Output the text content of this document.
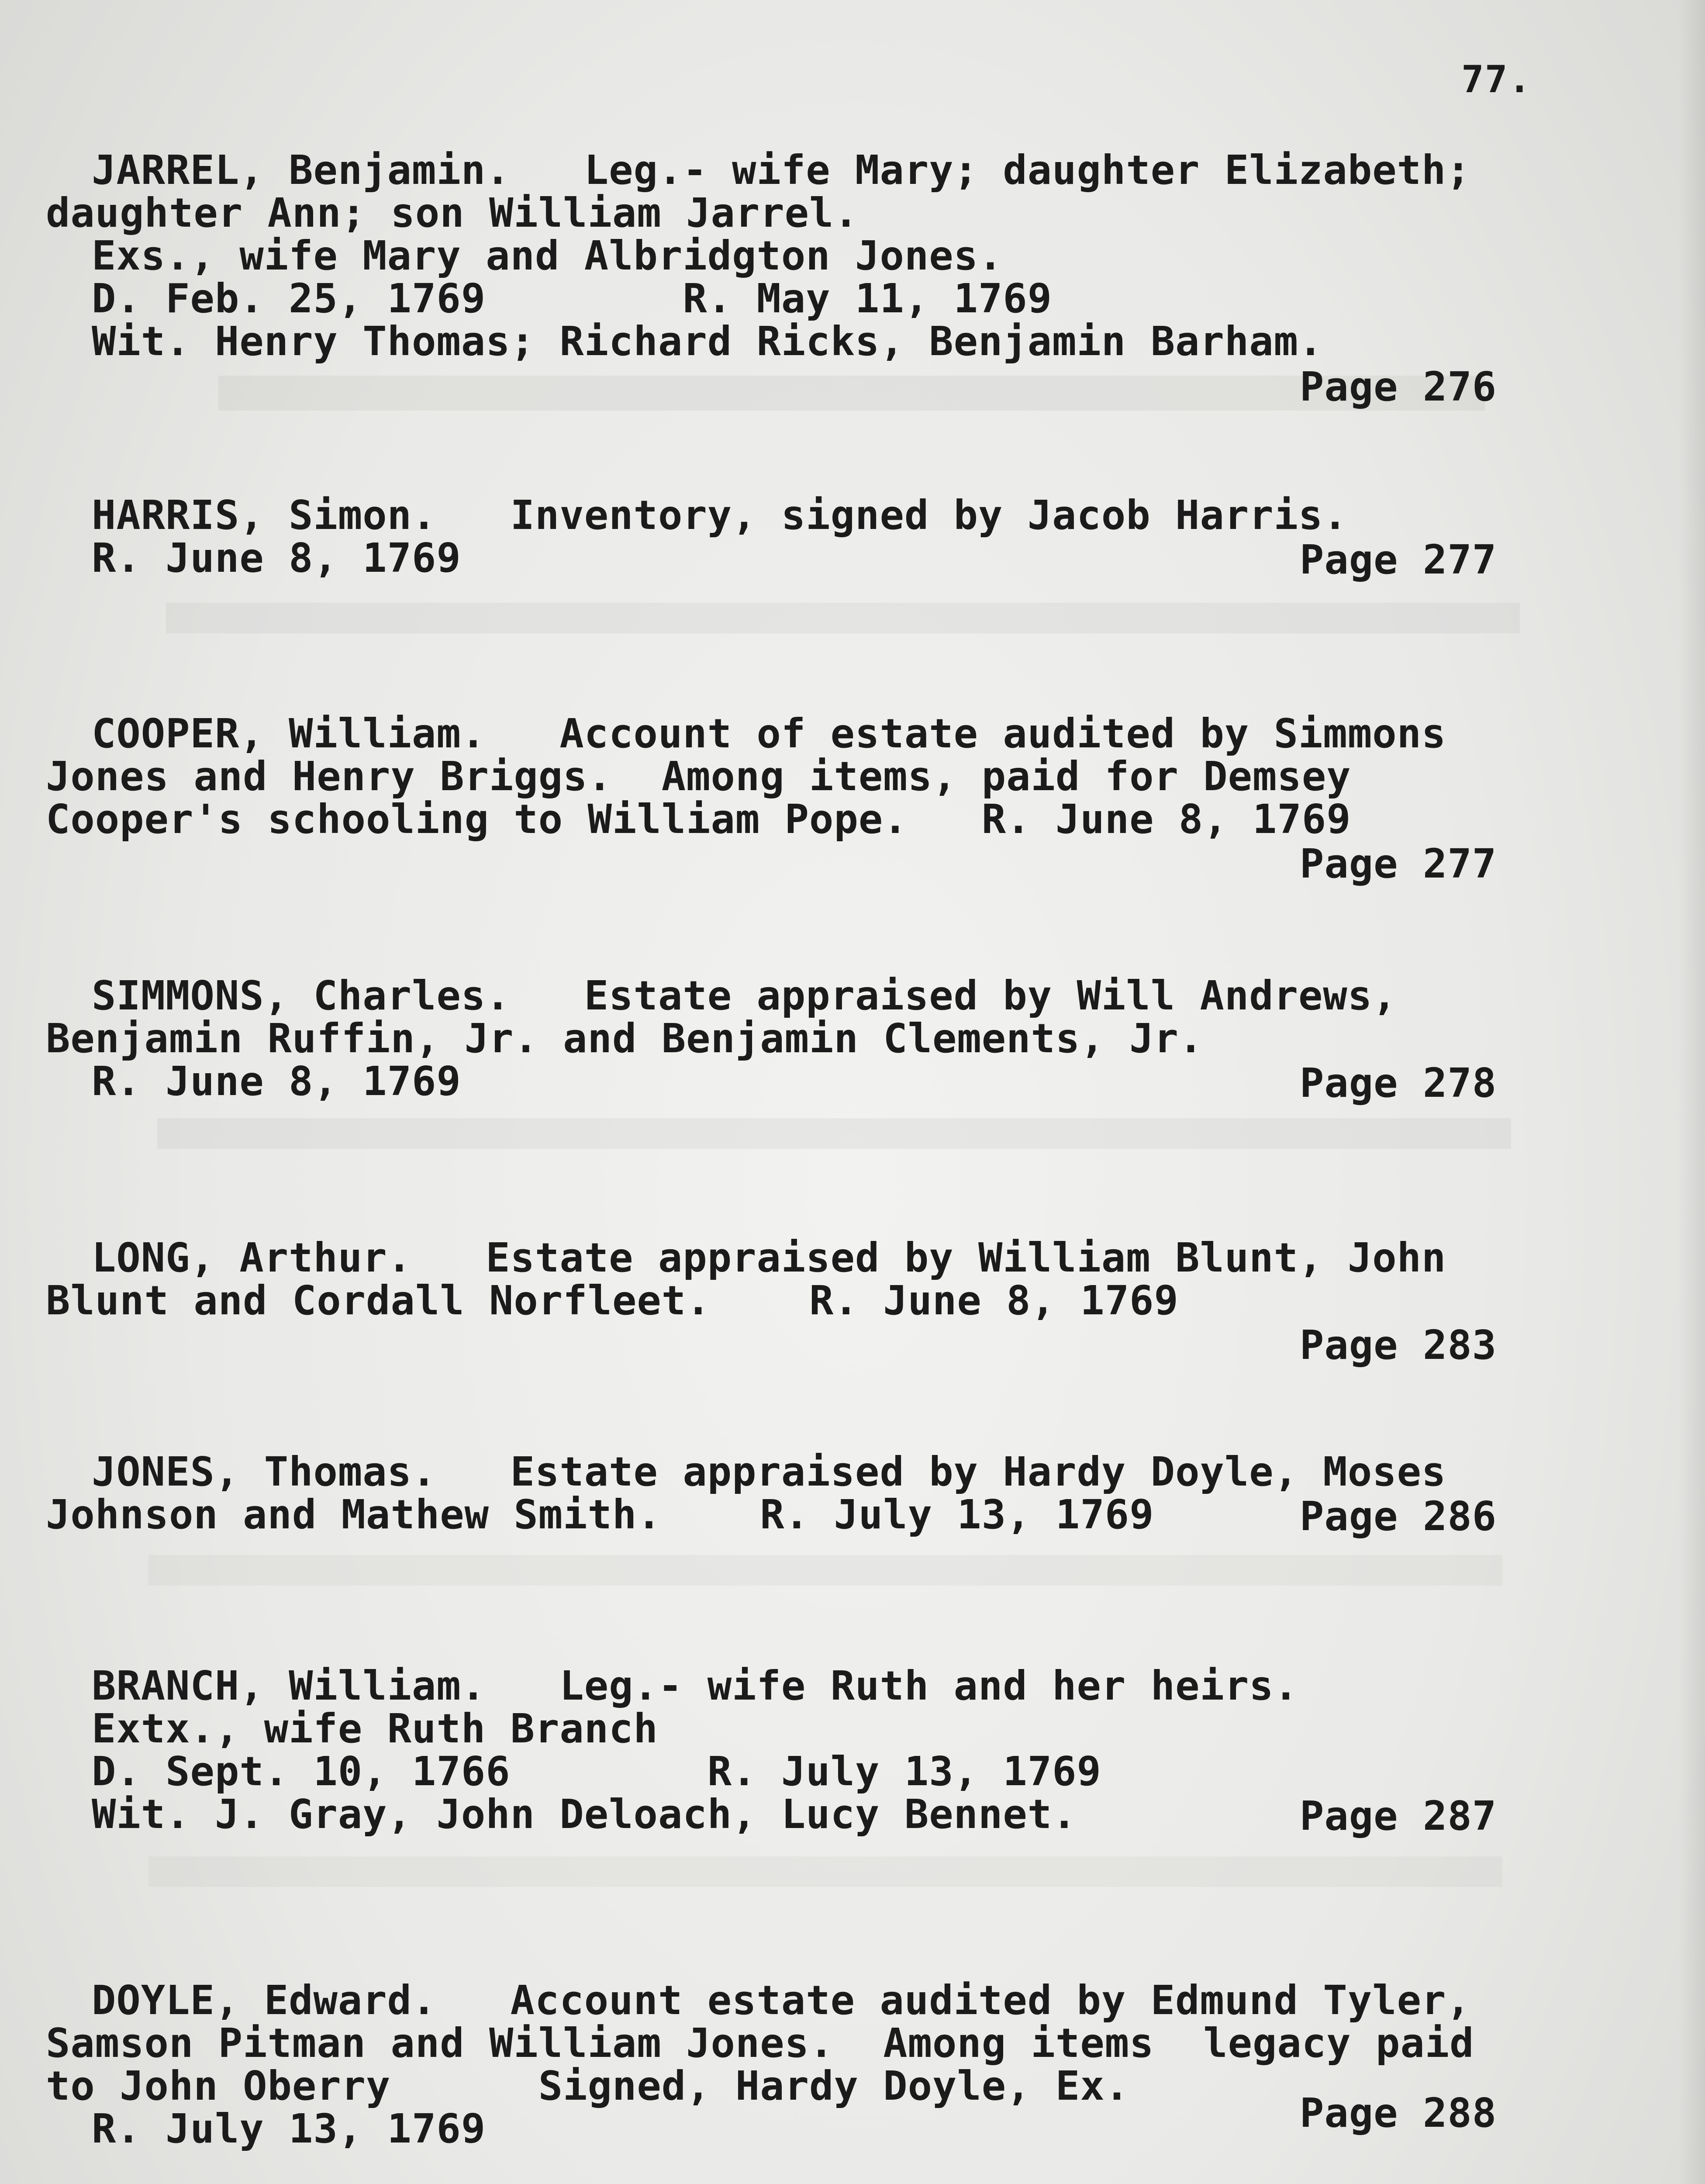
77.
JARREL, Benjamin.   Leg.- wife Mary; daughter Elizabeth;
daughter Ann; son William Jarrel.
Exs., wife Mary and Albridgton Jones.
D. Feb. 25, 1769        R. May 11, 1769
Wit. Henry Thomas; Richard Ricks, Benjamin Barham.
Page 276
HARRIS, Simon.   Inventory, signed by Jacob Harris.
R. June 8, 1769	Page 277
COOPER, William.   Account of estate audited by Simmons
Jones and Henry Briggs.  Among items, paid for Demsey
Cooper's schooling to William Pope.   R. June 8, 1769
Page 277
SIMMONS, Charles.   Estate appraised by Will Andrews,
Benjamin Ruffin, Jr. and Benjamin Clements, Jr.
R. June 8, 1769	Page 278
LONG, Arthur.   Estate appraised by William Blunt, John
Blunt and Cordall Norfleet.    R. June 8, 1769
Page 283
JONES, Thomas.   Estate appraised by Hardy Doyle, Moses
Johnson and Mathew Smith.    R. July 13, 1769	Page 286
BRANCH, William.   Leg.- wife Ruth and her heirs.
Extx., wife Ruth Branch
D. Sept. 10, 1766        R. July 13, 1769
Wit. J. Gray, John Deloach, Lucy Bennet.	Page 287
DOYLE, Edward.   Account estate audited by Edmund Tyler,
Samson Pitman and William Jones.  Among items  legacy paid
to John Oberry      Signed, Hardy Doyle, Ex.
R. July 13, 1769	Page 288
